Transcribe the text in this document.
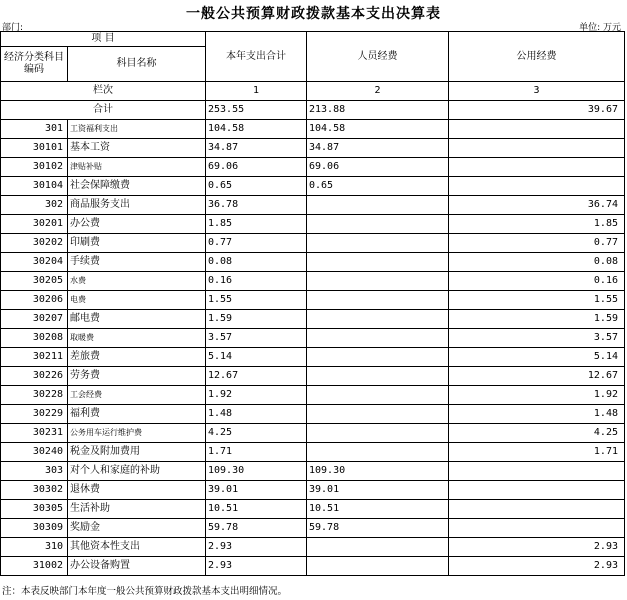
一般公共预算财政拨款基本支出决算表
部门:	单位: 万元
项 目		本年支出合计	人员经费	公用经费
经济分类科目编码	科目名称			

栏次		1	2	3
合计		253.55	213.88	39.67
301	工资福利支出	104.58	104.58	
30101	基本工资	34.87	34.87	
30102	津贴补贴	69.06	69.06	
30104	社会保障缴费	0.65	0.65	
302	商品服务支出	36.78		36.74
30201	办公费	1.85		1.85
30202	印刷费	0.77		0.77
30204	手续费	0.08		0.08
30205	水费	0.16		0.16
30206	电费	1.55		1.55
30207	邮电费	1.59		1.59
30208	取暖费	3.57		3.57
30211	差旅费	5.14		5.14
30226	劳务费	12.67		12.67
30228	工会经费	1.92		1.92
30229	福利费	1.48		1.48
30231	公务用车运行维护费	4.25		4.25
30240	税金及附加费用	1.71		1.71
303	对个人和家庭的补助	109.30	109.30	
30302	退休费	39.01	39.01	
30305	生活补助	10.51	10.51	
30309	奖励金	59.78	59.78	
310	其他资本性支出	2.93		2.93
31002	办公设备购置	2.93		2.93
注：本表反映部门本年度一般公共预算财政拨款基本支出明细情况。
